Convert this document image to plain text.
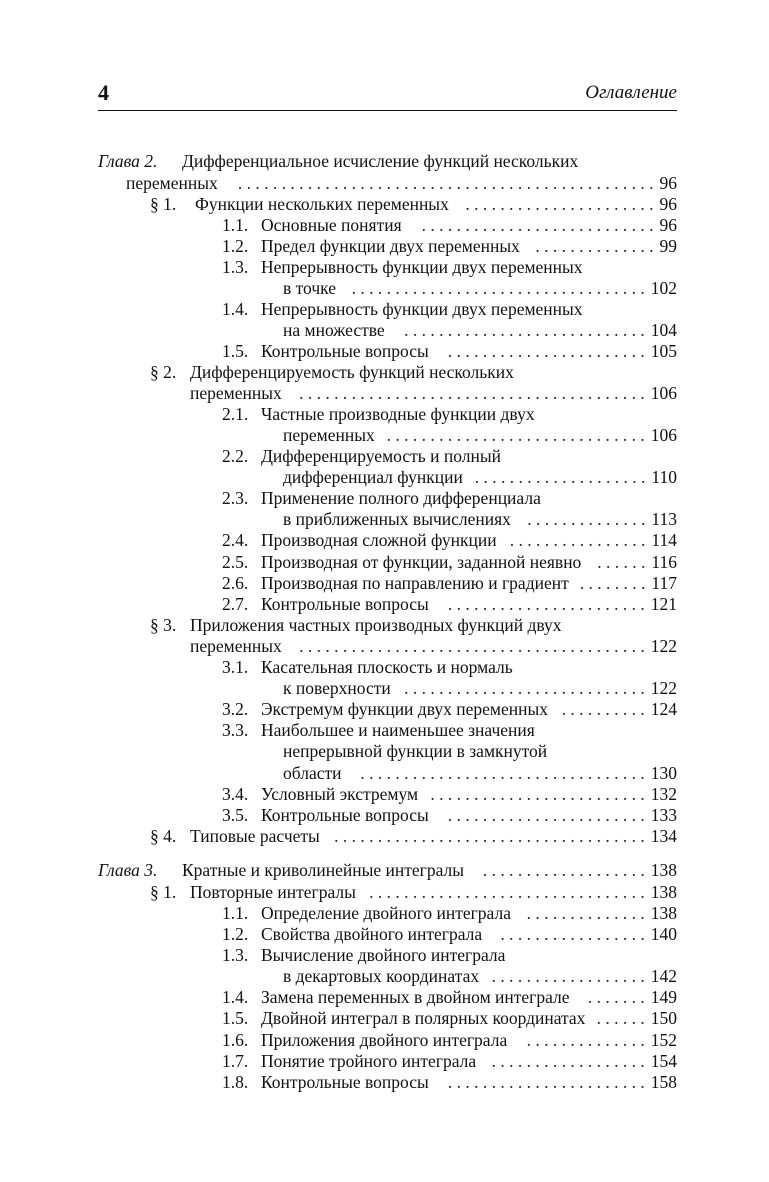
4	Оглавление
Глава 2. Дифференциальное исчисление функций нескольких
переменных	. . . . . . . . . . . . . . . . . . . . . . . . . . . . . . . . . . . . . . . . . . . . . . . . 96
§ 1. Функции нескольких переменных . . . . . . . . . . . . . . . . . . . . . . 96
1.1. Основные понятия	. . . . . . . . . . . . . . . . . . . . . . . . . . . 96
1.2. Предел функции двух переменных . . . . . . . . . . . . . . 99
1.3. Непрерывность функции двух переменных
в точке . . . . . . . . . . . . . . . . . . . . . . . . . . . . . . . . . . 102
1.4. Непрерывность функции двух переменных
на множестве	. . . . . . . . . . . . . . . . . . . . . . . . . . . . 104
1.5. Контрольные вопросы	. . . . . . . . . . . . . . . . . . . . . . . 105
§ 2. Дифференцируемость функций нескольких
переменных . . . . . . . . . . . . . . . . . . . . . . . . . . . . . . . . . . . . . . . . 106
2.1. Частные производные функции двух
переменных . . . . . . . . . . . . . . . . . . . . . . . . . . . . . . 106
2.2. Дифференцируемость и полный
дифференциал функции . . . . . . . . . . . . . . . . . . . . 110
2.3. Применение полного дифференциала
в приближенных вычислениях . . . . . . . . . . . . . . 113
2.4. Производная сложной функции . . . . . . . . . . . . . . . . 114
2.5. Производная от функции, заданной неявно . . . . . . 116
2.6. Производная по направлению и градиент . . . . . . . . 117
2.7. Контрольные вопросы	. . . . . . . . . . . . . . . . . . . . . . . 121
§ 3. Приложения частных производных функций двух
переменных . . . . . . . . . . . . . . . . . . . . . . . . . . . . . . . . . . . . . . . . 122
3.1. Касательная плоскость и нормаль
к поверхности . . . . . . . . . . . . . . . . . . . . . . . . . . . . 122
3.2. Экстремум функции двух переменных . . . . . . . . . . 124
3.3. Наибольшее и наименьшее значения
непрерывной функции в замкнутой
области	. . . . . . . . . . . . . . . . . . . . . . . . . . . . . . . . . 130
3.4. Условный экстремум . . . . . . . . . . . . . . . . . . . . . . . . . 132
3.5. Контрольные вопросы	. . . . . . . . . . . . . . . . . . . . . . . 133
§ 4. Типовые расчеты . . . . . . . . . . . . . . . . . . . . . . . . . . . . . . . . . . . . 134
Глава 3. Кратные и криволинейные интегралы	. . . . . . . . . . . . . . . . . . . 138
§ 1. Повторные интегралы . . . . . . . . . . . . . . . . . . . . . . . . . . . . . . . . 138
1.1. Определение двойного интеграла . . . . . . . . . . . . . . 138
1.2. Свойства двойного интеграла	. . . . . . . . . . . . . . . . . 140
1.3. Вычисление двойного интеграла
в декартовых координатах . . . . . . . . . . . . . . . . . . 142
1.4. Замена переменных в двойном интеграле	. . . . . . . 149
1.5. Двойной интеграл в полярных координатах . . . . . . 150
1.6. Приложения двойного интеграла	. . . . . . . . . . . . . . 152
1.7. Понятие тройного интеграла . . . . . . . . . . . . . . . . . . 154
1.8. Контрольные вопросы	. . . . . . . . . . . . . . . . . . . . . . . 158
